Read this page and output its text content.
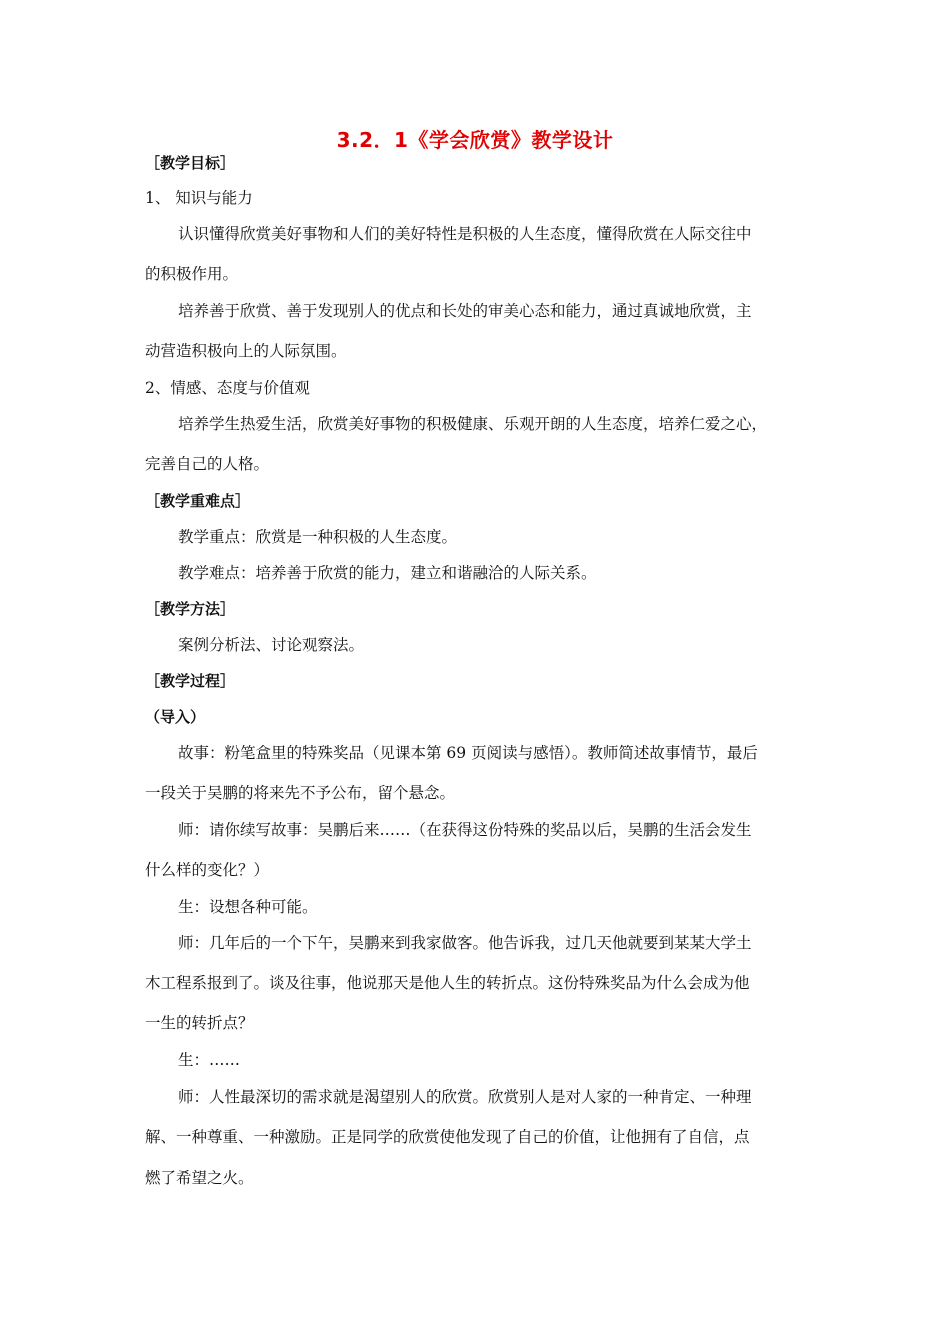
3.2．1《学会欣赏》教学设计
［教学目标］
1、 知识与能力
认识懂得欣赏美好事物和人们的美好特性是积极的人生态度，懂得欣赏在人际交往中
的积极作用。
培养善于欣赏、善于发现别人的优点和长处的审美心态和能力，通过真诚地欣赏，主
动营造积极向上的人际氛围。
2、情感、态度与价值观
培养学生热爱生活，欣赏美好事物的积极健康、乐观开朗的人生态度，培养仁爱之心，
完善自己的人格。
［教学重难点］
教学重点：欣赏是一种积极的人生态度。
教学难点：培养善于欣赏的能力，建立和谐融洽的人际关系。
［教学方法］
案例分析法、讨论观察法。
［教学过程］
（导入）
故事：粉笔盒里的特殊奖品（见课本第 69 页阅读与感悟）。教师简述故事情节，最后
一段关于吴鹏的将来先不予公布，留个悬念。
师：请你续写故事：吴鹏后来……（在获得这份特殊的奖品以后，吴鹏的生活会发生
什么样的变化？）
生：设想各种可能。
师：几年后的一个下午，吴鹏来到我家做客。他告诉我，过几天他就要到某某大学土
木工程系报到了。谈及往事，他说那天是他人生的转折点。这份特殊奖品为什么会成为他
一生的转折点？
生：……
师：人性最深切的需求就是渴望别人的欣赏。欣赏别人是对人家的一种肯定、一种理
解、一种尊重、一种激励。正是同学的欣赏使他发现了自己的价值，让他拥有了自信，点
燃了希望之火。
